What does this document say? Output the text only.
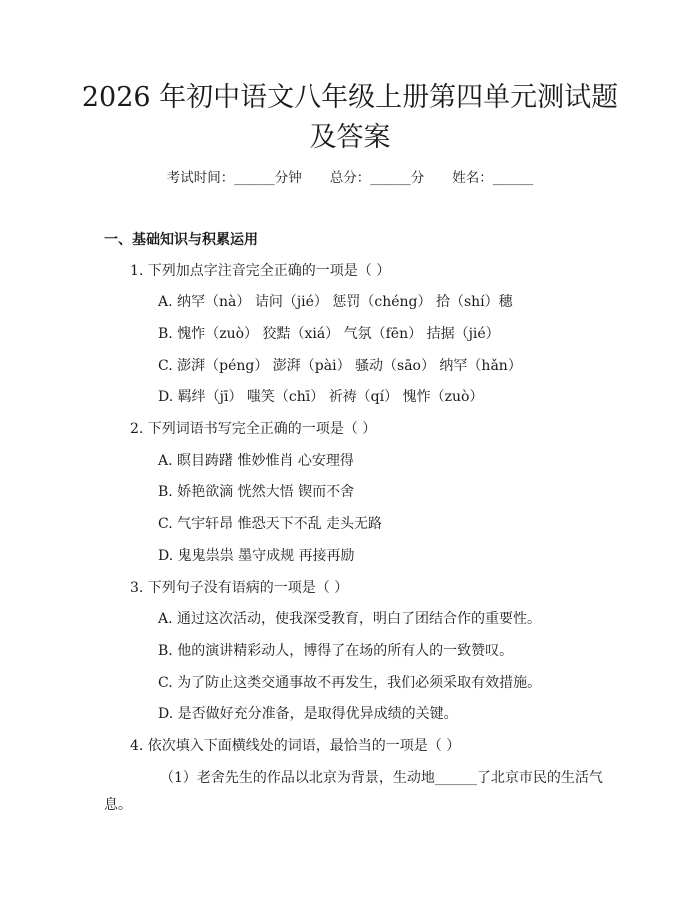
2026 年初中语文八年级上册第四单元测试题
及答案
考试时间：______分钟 总分：______分 姓名：______
一、基础知识与积累运用
1. 下列加点字注音完全正确的一项是（ ）
A. 纳罕（nà） 诘问（jié） 惩罚（chéng） 拾（shí）穗
B. 愧怍（zuò） 狡黠（xiá） 气氛（fēn） 拮据（jié）
C. 澎湃（péng） 澎湃（pài） 骚动（sāo） 纳罕（hǎn）
D. 羁绊（jī） 嗤笑（chī） 祈祷（qí） 愧怍（zuò）
2. 下列词语书写完全正确的一项是（ ）
A. 瞑目踌躇 惟妙惟肖 心安理得
B. 娇艳欲滴 恍然大悟 锲而不舍
C. 气宇轩昂 惟恐天下不乱 走头无路
D. 鬼鬼祟祟 墨守成规 再接再励
3. 下列句子没有语病的一项是（ ）
A. 通过这次活动，使我深受教育，明白了团结合作的重要性。
B. 他的演讲精彩动人，博得了在场的所有人的一致赞叹。
C. 为了防止这类交通事故不再发生，我们必须采取有效措施。
D. 是否做好充分准备，是取得优异成绩的关键。
4. 依次填入下面横线处的词语，最恰当的一项是（ ）
（1）老舍先生的作品以北京为背景，生动地______了北京市民的生活气息。
